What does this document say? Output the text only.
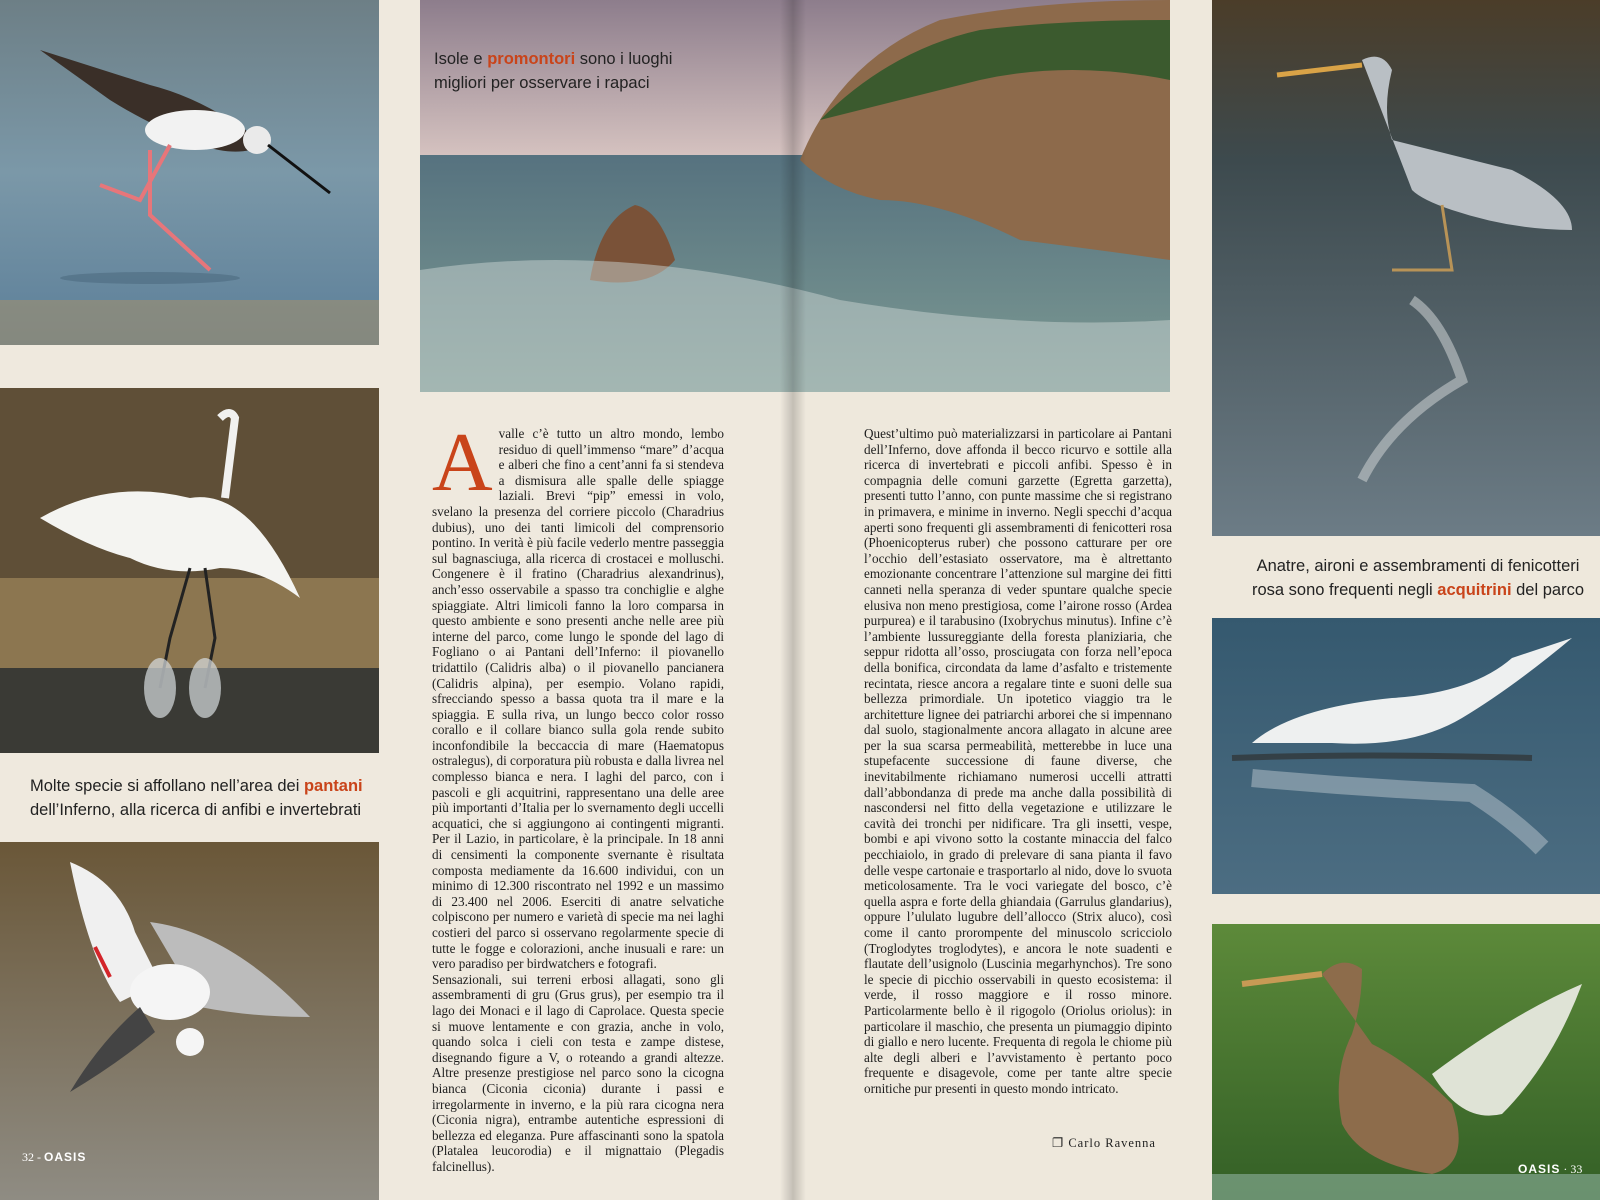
Molte specie si affollano nell’area dei pantani
dell’Inferno, alla ricerca di anfibi e invertebrati
Isole e promontori sono i luoghi
migliori per osservare i rapaci
Avalle c’è tutto un altro mondo, lembo residuo di quell’immenso “mare” d’acqua e alberi che fino a cent’anni fa si stendeva a dismisura alle spalle delle spiagge laziali. Brevi “pip” emessi in volo, svelano la presenza del corriere piccolo (Charadrius dubius), uno dei tanti limicoli del comprensorio pontino. In verità è più facile vederlo mentre passeggia sul bagnasciuga, alla ricerca di crostacei e molluschi. Congenere è il fratino (Charadrius alexandrinus), anch’esso osservabile a spasso tra conchiglie e alghe spiaggiate. Altri limicoli fanno la loro comparsa in questo ambiente e sono presenti anche nelle aree più interne del parco, come lungo le sponde del lago di Fogliano o ai Pantani dell’Inferno: il piovanello tridattilo (Calidris alba) o il piovanello pancianera (Calidris alpina), per esempio. Volano rapidi, sfrecciando spesso a bassa quota tra il mare e la spiaggia. E sulla riva, un lungo becco color rosso corallo e il collare bianco sulla gola rende subito inconfondibile la beccaccia di mare (Haematopus ostralegus), di corporatura più robusta e dalla livrea nel complesso bianca e nera. I laghi del parco, con i pascoli e gli acquitrini, rappresentano una delle aree più importanti d’Italia per lo svernamento degli uccelli acquatici, che si aggiungono ai contingenti migranti. Per il Lazio, in particolare, è la principale. In 18 anni di censimenti la componente svernante è risultata composta mediamente da 16.600 individui, con un minimo di 12.300 riscontrato nel 1992 e un massimo di 23.400 nel 2006. Eserciti di anatre selvatiche colpiscono per numero e varietà di specie ma nei laghi costieri del parco si osservano regolarmente specie di tutte le fogge e colorazioni, anche inusuali e rare: un vero paradiso per birdwatchers e fotografi.
Sensazionali, sui terreni erbosi allagati, sono gli assembramenti di gru (Grus grus), per esempio tra il lago dei Monaci e il lago di Caprolace. Questa specie si muove lentamente e con grazia, anche in volo, quando solca i cieli con testa e zampe distese, disegnando figure a V, o roteando a grandi altezze. Altre presenze prestigiose nel parco sono la cicogna bianca (Ciconia ciconia) durante i passi e irregolarmente in inverno, e la più rara cicogna nera (Ciconia nigra), entrambe autentiche espressioni di bellezza ed eleganza. Pure affascinanti sono la spatola (Platalea leucorodia) e il mignattaio (Plegadis falcinellus).
Quest’ultimo può materializzarsi in particolare ai Pantani dell’Inferno, dove affonda il becco ricurvo e sottile alla ricerca di invertebrati e piccoli anfibi. Spesso è in compagnia delle comuni garzette (Egretta garzetta), presenti tutto l’anno, con punte massime che si registrano in primavera, e minime in inverno. Negli specchi d’acqua aperti sono frequenti gli assembramenti di fenicotteri rosa (Phoenicopterus ruber) che possono catturare per ore l’occhio dell’estasiato osservatore, ma è altrettanto emozionante concentrare l’attenzione sul margine dei fitti canneti nella speranza di veder spuntare qualche specie elusiva non meno prestigiosa, come l’airone rosso (Ardea purpurea) e il tarabusino (Ixobrychus minutus). Infine c’è l’ambiente lussureggiante della foresta planiziaria, che seppur ridotta all’osso, prosciugata con forza nell’epoca della bonifica, circondata da lame d’asfalto e tristemente recintata, riesce ancora a regalare tinte e suoni delle sua bellezza primordiale. Un ipotetico viaggio tra le architetture lignee dei patriarchi arborei che si impennano dal suolo, stagionalmente ancora allagato in alcune aree per la sua scarsa permeabilità, metterebbe in luce una stupefacente successione di faune diverse, che inevitabilmente richiamano numerosi uccelli attratti dall’abbondanza di prede ma anche dalla possibilità di nascondersi nel fitto della vegetazione e utilizzare le cavità dei tronchi per nidificare. Tra gli insetti, vespe, bombi e api vivono sotto la costante minaccia del falco pecchiaiolo, in grado di prelevare di sana pianta il favo delle vespe cartonaie e trasportarlo al nido, dove lo svuota meticolosamente. Tra le voci variegate del bosco, c’è quella aspra e forte della ghiandaia (Garrulus glandarius), oppure l’ululato lugubre dell’allocco (Strix aluco), così come il canto prorompente del minuscolo scricciolo (Troglodytes troglodytes), e ancora le note suadenti e flautate dell’usignolo (Luscinia megarhynchos). Tre sono le specie di picchio osservabili in questo ecosistema: il verde, il rosso maggiore e il rosso minore. Particolarmente bello è il rigogolo (Oriolus oriolus): in particolare il maschio, che presenta un piumaggio dipinto di giallo e nero lucente. Frequenta di regola le chiome più alte degli alberi e l’avvistamento è pertanto poco frequente e disagevole, come per tante altre specie ornitiche pur presenti in questo mondo intricato.
❐ Carlo Ravenna
Anatre, aironi e assembramenti di fenicotteri
rosa sono frequenti negli acquitrini del parco
32 - OASIS
OASIS · 33
